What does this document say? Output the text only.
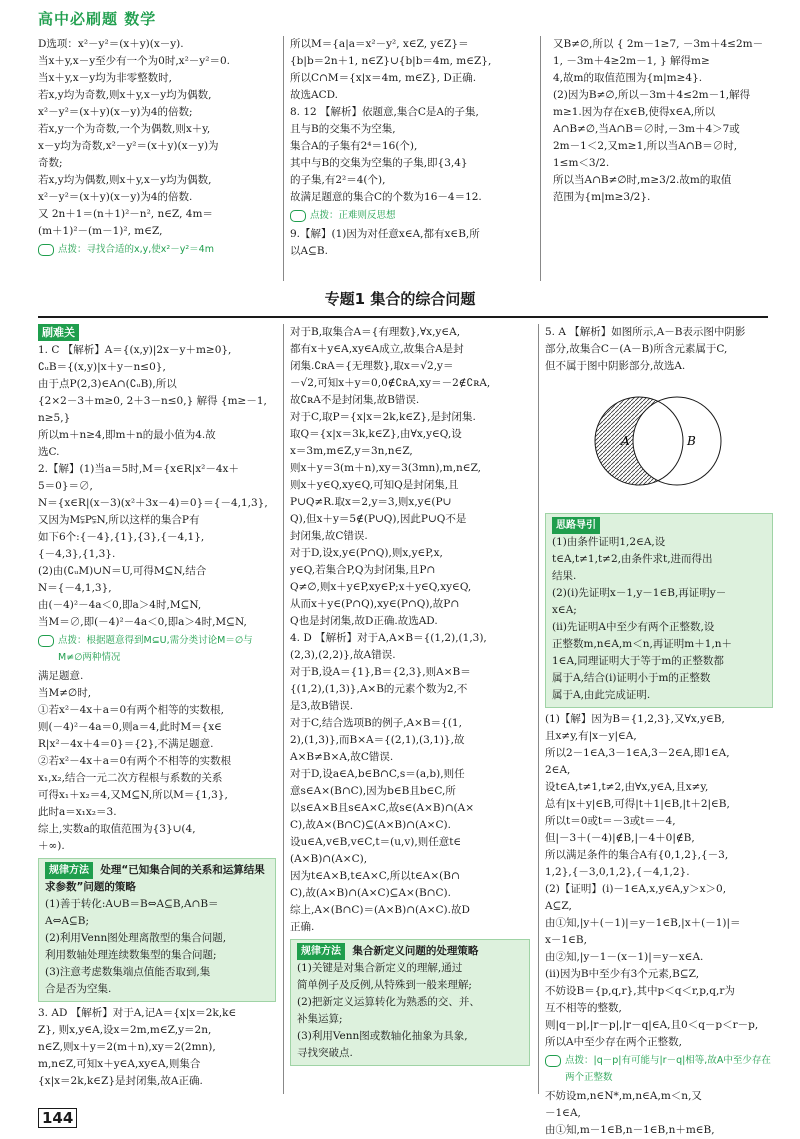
高中必刷题 数学

D选项：x²－y²＝(x＋y)(x－y).

当x＋y,x－y至少有一个为0时,x²－y²＝0.

当x＋y,x－y均为非零整数时,

若x,y均为奇数,则x＋y,x－y均为偶数,

x²－y²＝(x＋y)(x－y)为4的倍数;

若x,y一个为奇数,一个为偶数,则x＋y,

x－y均为奇数,x²－y²＝(x＋y)(x－y)为

奇数;

若x,y均为偶数,则x＋y,x－y均为偶数,

x²－y²＝(x＋y)(x－y)为4的倍数.

又 2n＋1＝(n＋1)²－n², n∈Z, 4m＝

(m＋1)²－(m－1)², m∈Z,

点拨：寻找合适的x,y,使x²－y²＝4m

所以M＝{a|a＝x²－y², x∈Z, y∈Z}＝

{b|b＝2n＋1, n∈Z}∪{b|b＝4m, m∈Z},

所以C∩M＝{x|x＝4m, m∈Z}, D正确.

故选ACD.

8. 12 【解析】依题意,集合C是A的子集,

且与B的交集不为空集,

集合A的子集有2⁴＝16(个),

其中与B的交集为空集的子集,即{3,4}

的子集,有2²＝4(个),

故满足题意的集合C的个数为16－4＝12.

点拨：正难则反思想

9.【解】(1)因为对任意x∈A,都有x∈B,所

以A⊆B.

又B≠∅,所以 { 2m－1≥7, －3m＋4≤2m－1, －3m＋4≥2m－1, } 解得m≥

4,故m的取值范围为{m|m≥4}.

(2)因为B≠∅,所以－3m＋4≤2m－1,解得

m≥1.因为存在x∈B,使得x∈A,所以

A∩B≠∅,当A∩B＝∅时,－3m＋4＞7或

2m－1＜2,又m≥1,所以当A∩B＝∅时,

1≤m＜3/2.

所以当A∩B≠∅时,m≥3/2.故m的取值

范围为{m|m≥3/2}.

专题1 集合的综合问题
刷难关

1. C 【解析】A＝{(x,y)|2x－y＋m≥0},

∁ᵤB＝{(x,y)|x＋y－n≤0},

由于点P(2,3)∈A∩(∁ᵤB),所以

{2×2－3＋m≥0, 2＋3－n≤0,} 解得 {m≥－1, n≥5,}

所以m＋n≥4,即m＋n的最小值为4.故

选C.

2.【解】(1)当a＝5时,M＝{x∈R|x²－4x＋

5＝0}＝∅,

N＝{x∈R|(x－3)(x²＋3x－4)＝0}＝{－4,1,3},

又因为M⫋P⫋N,所以这样的集合P有

如下6个:{－4},{1},{3},{－4,1},

{－4,3},{1,3}.

(2)由(∁ᵤM)∪N＝U,可得M⊆N,结合

N＝{－4,1,3},

由(－4)²－4a＜0,即a＞4时,M⊆N,

当M＝∅,即(－4)²－4a＜0,即a＞4时,M⊆N,

点拨：根据题意得到M⊆U,需分类讨论M＝∅与M≠∅两种情况

满足题意.

当M≠∅时,

①若x²－4x＋a＝0有两个相等的实数根,

则(－4)²－4a＝0,则a＝4,此时M＝{x∈

R|x²－4x＋4＝0}＝{2},不满足题意.

②若x²－4x＋a＝0有两个不相等的实数根

x₁,x₂,结合一元二次方程根与系数的关系

可得x₁＋x₂＝4,又M⊆N,所以M＝{1,3},

此时a＝x₁x₂＝3.

综上,实数a的取值范围为{3}∪(4,

＋∞).

规律方法 处理“已知集合间的关系和运算结果求参数”问题的策略

(1)善于转化:A∪B＝B⇔A⊆B,A∩B＝

A⇔A⊆B;

(2)利用Venn图处理离散型的集合问题,

利用数轴处理连续数集型的集合问题;

(3)注意考虑数集端点值能否取到,集

合是否为空集.

3. AD 【解析】对于A,记A＝{x|x＝2k,k∈

Z}, 则x,y∈A,设x＝2m,m∈Z,y＝2n,

n∈Z,则x＋y＝2(m＋n),xy＝2(2mn),

m,n∈Z,可知x＋y∈A,xy∈A,则集合

{x|x＝2k,k∈Z}是封闭集,故A正确.

对于B,取集合A＝{有理数},∀x,y∈A,

都有x＋y∈A,xy∈A成立,故集合A是封

闭集.∁ʀA＝{无理数},取x＝√2,y＝

－√2,可知x＋y＝0,0∉∁ʀA,xy＝－2∉∁ʀA,

故∁ʀA不是封闭集,故B错误.

对于C,取P＝{x|x＝2k,k∈Z},是封闭集.

取Q＝{x|x＝3k,k∈Z},由∀x,y∈Q,设

x＝3m,m∈Z,y＝3n,n∈Z,

则x＋y＝3(m＋n),xy＝3(3mn),m,n∈Z,

则x＋y∈Q,xy∈Q,可知Q是封闭集,且

P∪Q≠R.取x＝2,y＝3,则x,y∈(P∪

Q),但x＋y＝5∉(P∪Q),因此P∪Q不是

封闭集,故C错误.

对于D,设x,y∈(P∩Q),则x,y∈P,x,

y∈Q,若集合P,Q为封闭集,且P∩

Q≠∅,则x＋y∈P,xy∈P;x＋y∈Q,xy∈Q,

从而x＋y∈(P∩Q),xy∈(P∩Q),故P∩

Q也是封闭集,故D正确.故选AD.

4. D 【解析】对于A,A×B＝{(1,2),(1,3),

(2,3),(2,2)},故A错误.

对于B,设A＝{1},B＝{2,3},则A×B＝

{(1,2),(1,3)},A×B的元素个数为2,不

是3,故B错误.

对于C,结合选项B的例子,A×B＝{(1,

2),(1,3)},而B×A＝{(2,1),(3,1)},故

A×B≠B×A,故C错误.

对于D,设a∈A,b∈B∩C,s＝(a,b),则任

意s∈A×(B∩C),因为b∈B且b∈C,所

以s∈A×B且s∈A×C,故s∈(A×B)∩(A×

C),故A×(B∩C)⊆(A×B)∩(A×C).

设u∈A,v∈B,v∈C,t＝(u,v),则任意t∈

(A×B)∩(A×C),

因为t∈A×B,t∈A×C,所以t∈A×(B∩

C),故(A×B)∩(A×C)⊆A×(B∩C).

综上,A×(B∩C)＝(A×B)∩(A×C).故D

正确.

规律方法 集合新定义问题的处理策略

(1)关键是对集合新定义的理解,通过

简单例子及反例,从特殊到一般来理解;

(2)把新定义运算转化为熟悉的交、并、

补集运算;

(3)利用Venn图或数轴化抽象为具象,

寻找突破点.

5. A 【解析】如图所示,A－B表示图中阴影

部分,故集合C－(A－B)所含元素属于C,

但不属于图中阴影部分,故选A.

A	B
思路导引

(1)由条件证明1,2∈A,设

t∈A,t≠1,t≠2,由条件求t,进而得出

结果.

(2)(ⅰ)先证明x－1,y－1∈B,再证明y－

x∈A;

(ⅱ)先证明A中至少有两个正整数,设

正整数m,n∈A,m＜n,再证明m＋1,n＋

1∈A,同理证明大于等于m的正整数都

属于A,结合(ⅰ)证明小于m的正整数

属于A,由此完成证明.

(1)【解】因为B＝{1,2,3},又∀x,y∈B,

且x≠y,有|x－y|∈A,

所以2－1∈A,3－1∈A,3－2∈A,即1∈A,

2∈A,

设t∈A,t≠1,t≠2,由∀x,y∈A,且x≠y,

总有|x＋y|∈B,可得|t＋1|∈B,|t＋2|∈B,

所以t＝0或t＝－3或t＝－4,

但|－3＋(－4)|∉B,|－4＋0|∉B,

所以满足条件的集合A有{0,1,2},{－3,

1,2},{－3,0,1,2},{－4,1,2}.

(2)【证明】(ⅰ)－1∈A,x,y∈A,y＞x＞0,

A⊆Z,

由①知,|y＋(－1)|＝y－1∈B,|x＋(－1)|＝

x－1∈B,

由②知,|y－1－(x－1)|＝y－x∈A.

(ⅱ)因为B中至少有3个元素,B⊆Z,

不妨设B＝{p,q,r},其中p＜q＜r,p,q,r为

互不相等的整数,

则|q－p|,|r－p|,|r－q|∈A,且0＜q－p＜r－p,

所以A中至少存在两个正整数,

点拨：|q－p|有可能与|r－q|相等,故A中至少存在两个正整数

不妨设m,n∈N*,m,n∈A,m＜n,又

－1∈A,

由①知,m－1∈B,n－1∈B,n＋m∈B,

144
